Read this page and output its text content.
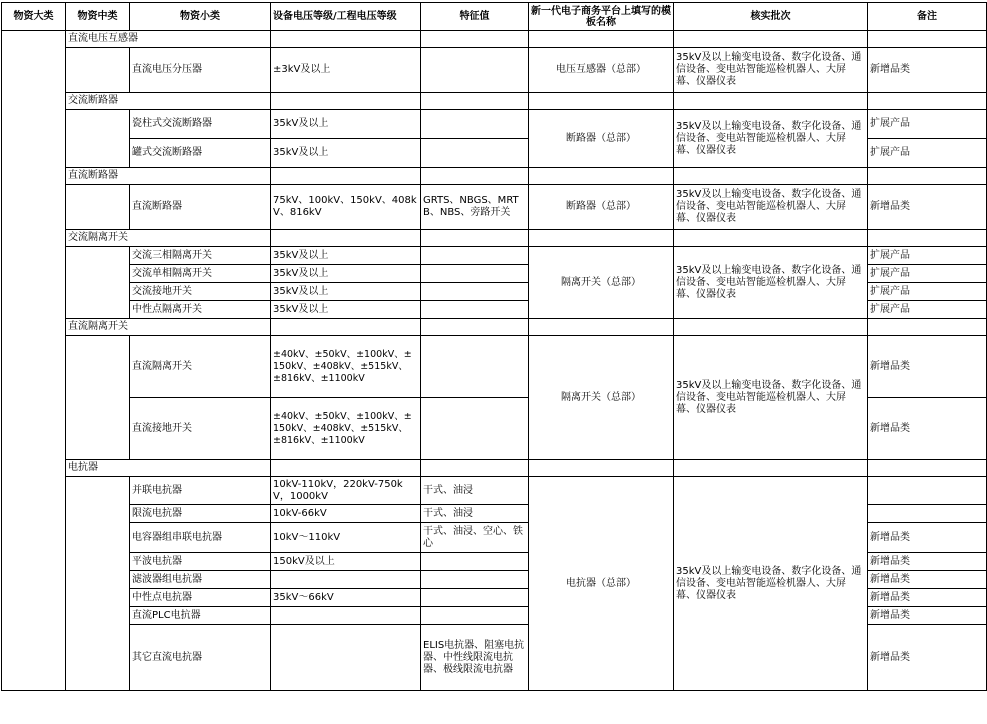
物资大类	物资中类	物资小类	设备电压等级/工程电压等级	特征值	新一代电子商务平台上填写的模板名称	核实批次	备注
	直流电压互感器						
		直流电压分压器	±3kV及以上		电压互感器（总部）	35kV及以上输变电设备、数字化设备、通信设备、变电站智能巡检机器人、大屏幕、仪器仪表	新增品类
	交流断路器						
		瓷柱式交流断路器	35kV及以上		断路器（总部）	35kV及以上输变电设备、数字化设备、通信设备、变电站智能巡检机器人、大屏幕、仪器仪表	扩展产品
		罐式交流断路器	35kV及以上				扩展产品
	直流断路器						
		直流断路器	75kV、100kV、150kV、408kV、816kV	GRTS、NBGS、MRTB、NBS、旁路开关	断路器（总部）	35kV及以上输变电设备、数字化设备、通信设备、变电站智能巡检机器人、大屏幕、仪器仪表	新增品类
	交流隔离开关						
		交流三相隔离开关	35kV及以上		隔离开关（总部）	35kV及以上输变电设备、数字化设备、通信设备、变电站智能巡检机器人、大屏幕、仪器仪表	扩展产品
		交流单相隔离开关	35kV及以上				扩展产品
		交流接地开关	35kV及以上				扩展产品
		中性点隔离开关	35kV及以上				扩展产品
	直流隔离开关						
		直流隔离开关	±40kV、±50kV、±100kV、± 150kV、±408kV、±515kV、±816kV、±1100kV		隔离开关（总部）	35kV及以上输变电设备、数字化设备、通信设备、变电站智能巡检机器人、大屏幕、仪器仪表	新增品类
		直流接地开关	±40kV、±50kV、±100kV、± 150kV、±408kV、±515kV、±816kV、±1100kV				新增品类
	电抗器						
		并联电抗器	10kV-110kV，220kV-750kV，1000kV	干式、油浸	电抗器（总部）	35kV及以上输变电设备、数字化设备、通信设备、变电站智能巡检机器人、大屏幕、仪器仪表	
		限流电抗器	10kV-66kV	干式、油浸			
		电容器组串联电抗器	10kV～110kV	干式、油浸、空心、铁心			新增品类
		平波电抗器	150kV及以上				新增品类
		滤波器组电抗器					新增品类
		中性点电抗器	35kV～66kV				新增品类
		直流PLC电抗器					新增品类
		其它直流电抗器		ELIS电抗器、阻塞电抗器、中性线限流电抗器、极线限流电抗器			新增品类
